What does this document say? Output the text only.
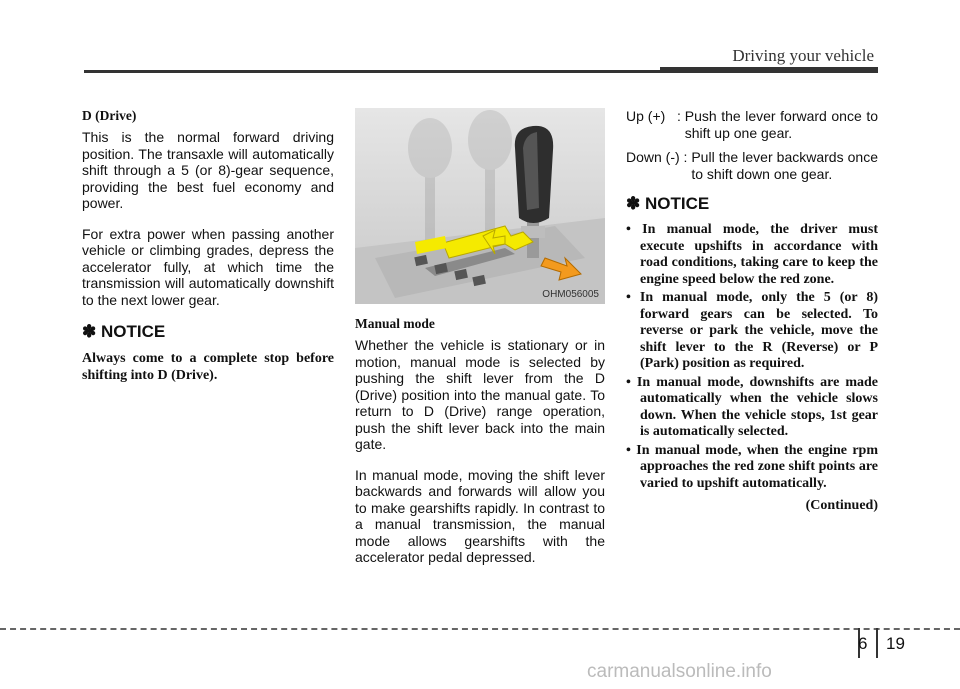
Driving your vehicle
D (Drive)

This is the normal forward driving position. The transaxle will automatically shift through a 5 (or 8)-gear sequence, providing the best fuel economy and power.

For extra power when passing another vehicle or climbing grades, depress the accelerator fully, at which time the transmission will automatically downshift to the next lower gear.

✽ NOTICE

Always come to a complete stop before shifting into D (Drive).

OHM056005
Manual mode

Whether the vehicle is stationary or in motion, manual mode is selected by pushing the shift lever from the D (Drive) position into the manual gate. To return to D (Drive) range operation, push the shift lever back into the main gate.

In manual mode, moving the shift lever backwards and forwards will allow you to make gearshifts rapidly. In contrast to a manual transmission, the manual mode allows gearshifts with the accelerator pedal depressed.

Up (+)   : Push the lever forward once to shift up one gear.
Down (-) : Pull the lever backwards once to shift down one gear.
✽ NOTICE
• In manual mode, the driver must execute upshifts in accordance with road conditions, taking care to keep the engine speed below the red zone.
• In manual mode, only the 5 (or 8) forward gears can be selected. To reverse or park the vehicle, move the shift lever to the R (Reverse) or P (Park) position as required.
• In manual mode, downshifts are made automatically when the vehicle slows down. When the vehicle stops, 1st gear is automatically selected.
• In manual mode, when the engine rpm approaches the red zone shift points are varied to upshift automatically.
(Continued)
6 19
carmanualsonline.info
